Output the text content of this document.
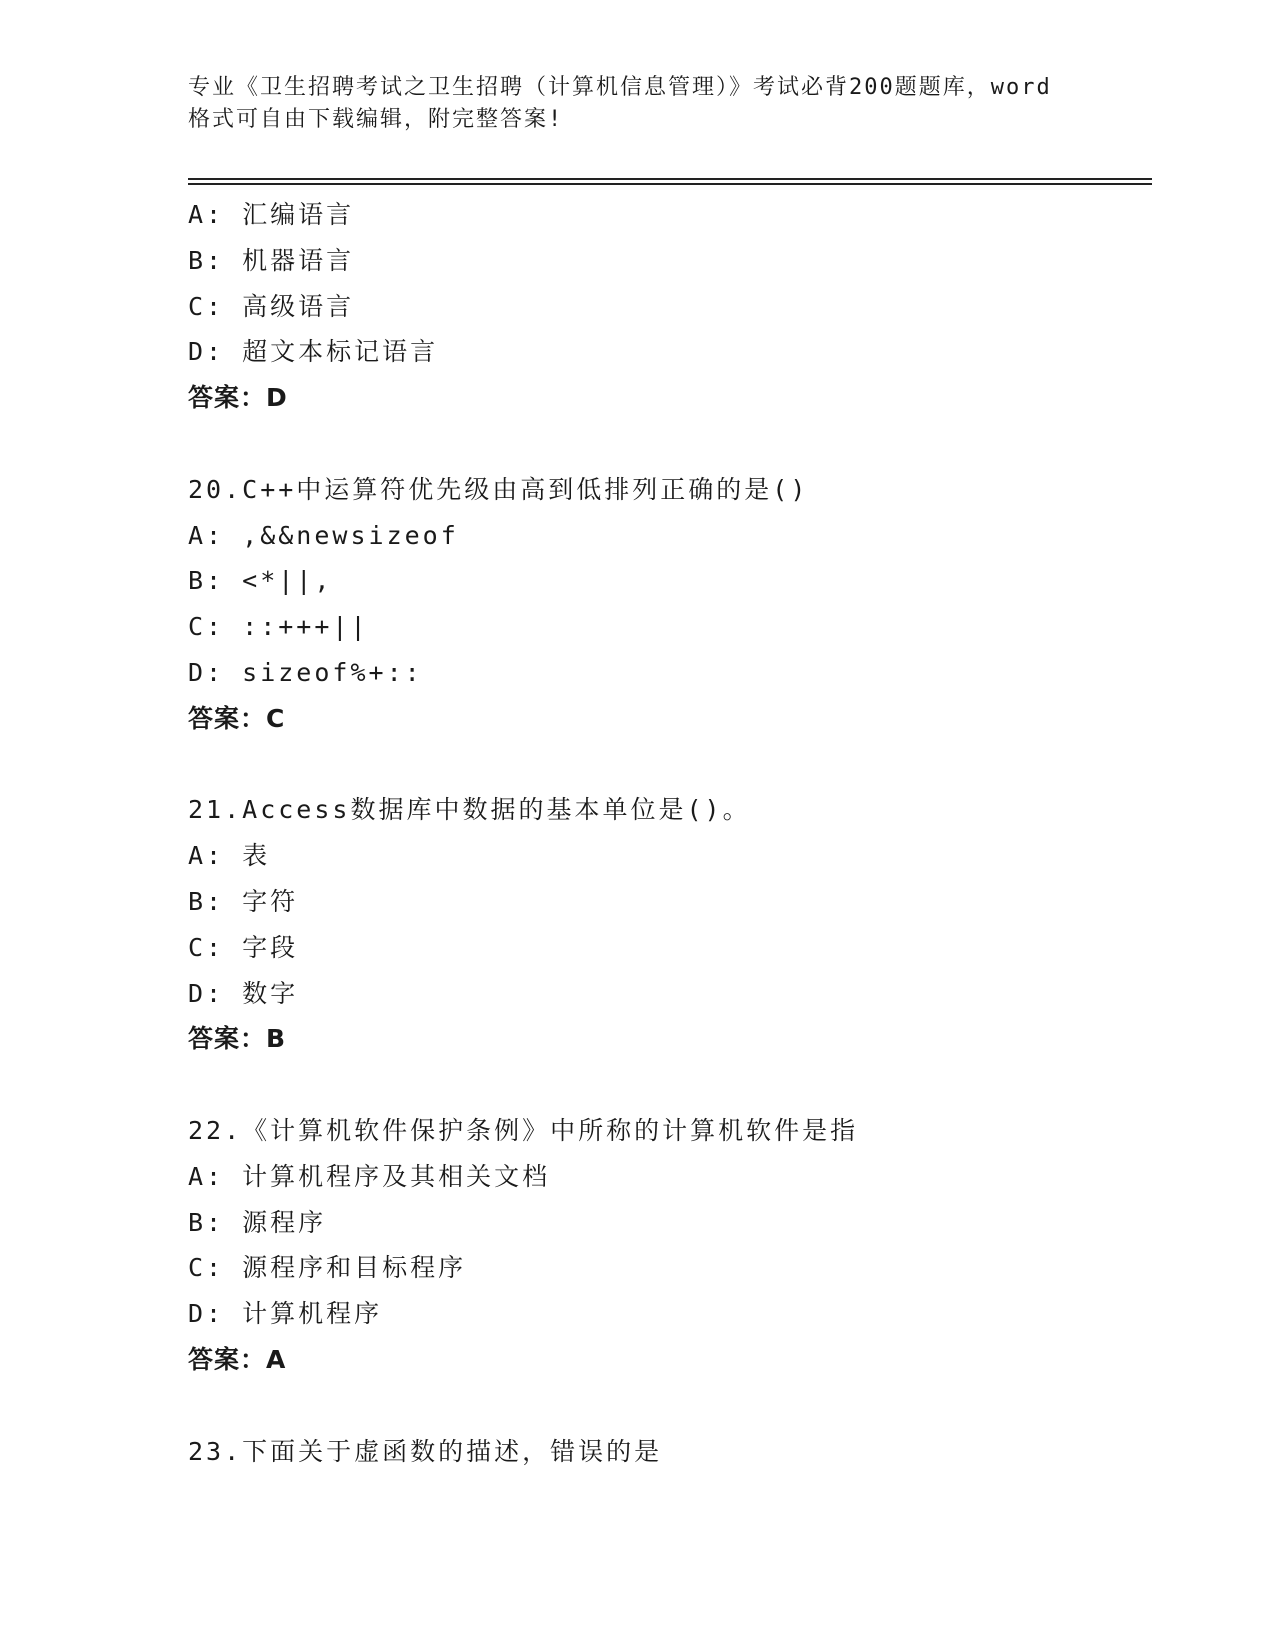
专业《卫生招聘考试之卫生招聘（计算机信息管理）》考试必背200题题库，word
格式可自由下载编辑，附完整答案!
A: 汇编语言
B: 机器语言
C: 高级语言
D: 超文本标记语言
答案：D
20.C++中运算符优先级由高到低排列正确的是()
A: ,&&newsizeof
B: <*||,
C: ::+++||
D: sizeof%+::
答案：C
21.Access数据库中数据的基本单位是()。
A: 表
B: 字符
C: 字段
D: 数字
答案：B
22.《计算机软件保护条例》中所称的计算机软件是指
A: 计算机程序及其相关文档
B: 源程序
C: 源程序和目标程序
D: 计算机程序
答案：A
23.下面关于虚函数的描述，错误的是
